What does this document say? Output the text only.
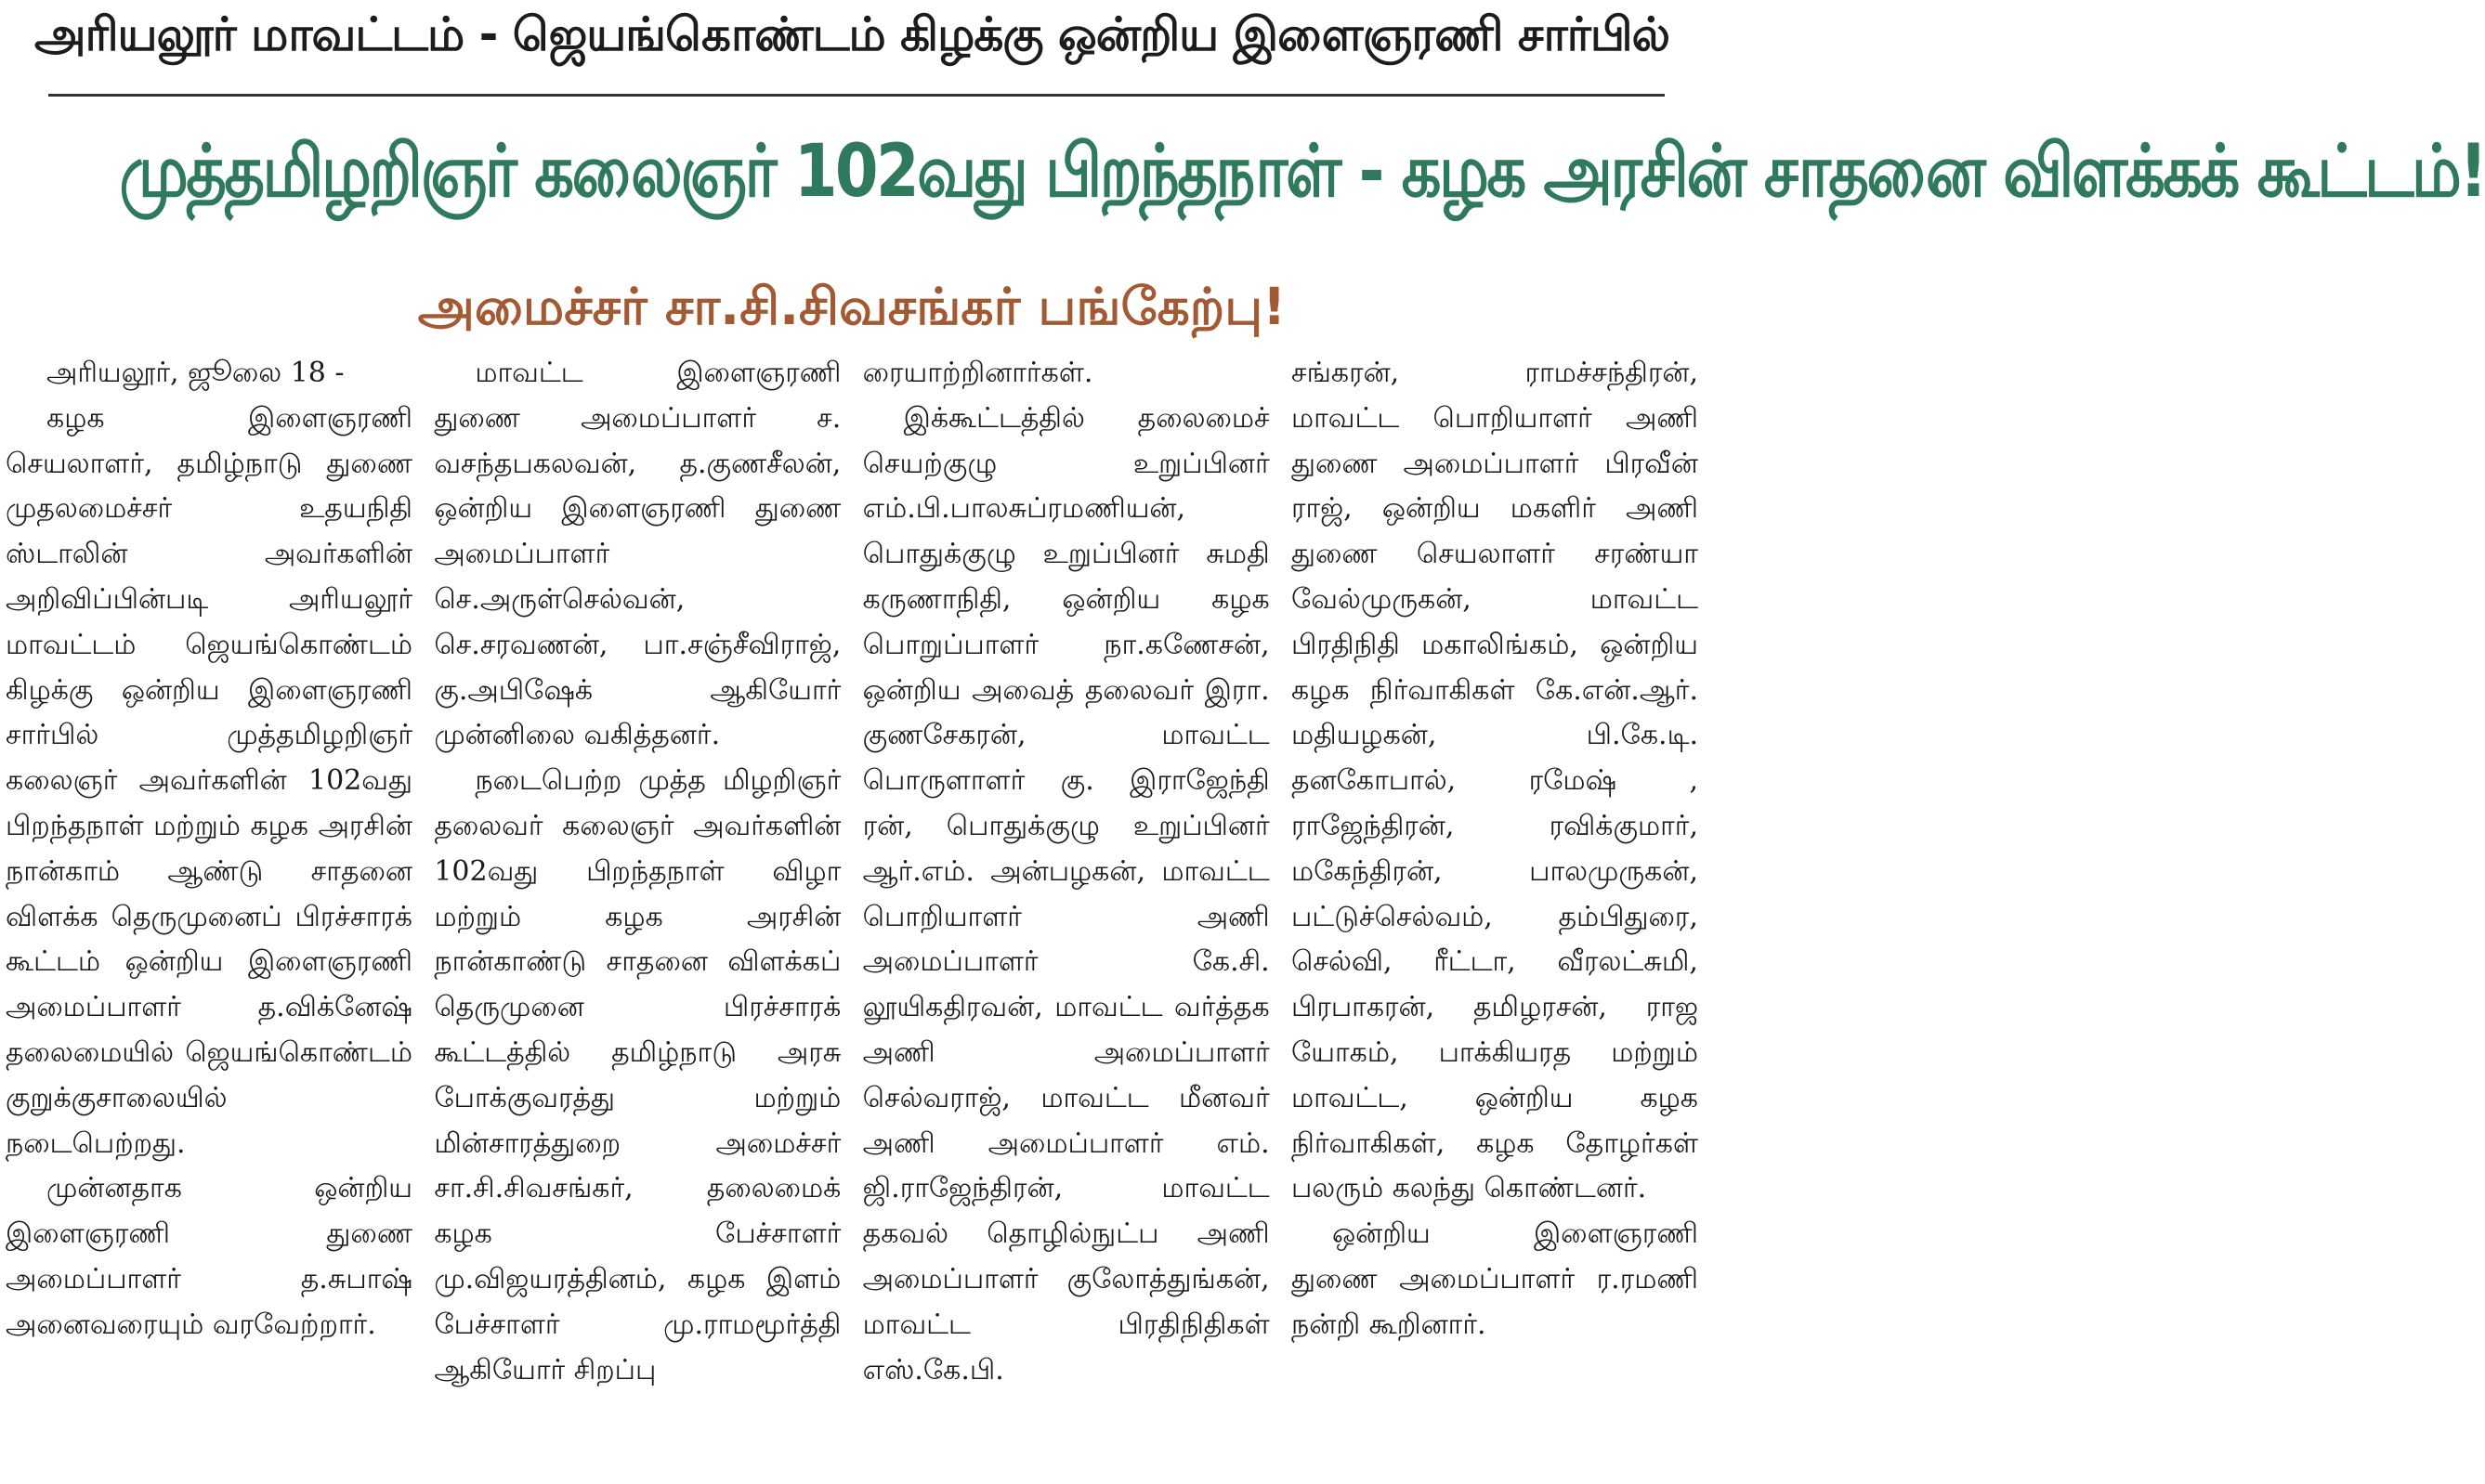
அரியலூர் மாவட்டம் - ஜெயங்கொண்டம் கிழக்கு ஒன்றிய இளைஞரணி சார்பில்
முத்தமிழறிஞர் கலைஞர் 102வது பிறந்தநாள் - கழக அரசின் சாதனை விளக்கக் கூட்டம்!
அமைச்சர் சா.சி.சிவசங்கர் பங்கேற்பு!

அரியலூர், ஜூலை 18 -

கழக இளைஞரணி செயலாளர், தமிழ்நாடு துணை முதலமைச்சர் உதயநிதி ஸ்டாலின் அவர்களின் அறிவிப்பின்படி அரியலூர் மாவட்டம் ஜெயங்கொண்டம் கிழக்கு ஒன்றிய இளைஞரணி சார்பில் முத்தமிழறிஞர் கலைஞர் அவர்களின் 102வது பிறந்தநாள் மற்றும் கழக அரசின் நான்காம் ஆண்டு சாதனை விளக்க தெருமுனைப் பிரச்சாரக் கூட்டம் ஒன்றிய இளைஞரணி அமைப்பாளர் த.விக்னேஷ் தலைமையில் ஜெயங்கொண்டம் குறுக்குசாலையில் நடைபெற்றது.

முன்னதாக ஒன்றிய இளைஞரணி துணை அமைப்பாளர் த.சுபாஷ் அனைவரையும் வரவேற்றார்.

மாவட்ட இளைஞரணி துணை அமைப்பாளர் ச. வசந்தபகலவன், த.குணசீலன், ஒன்றிய இளைஞரணி துணை அமைப்பாளர் செ.அருள்செல்வன், செ.சரவணன், பா.சஞ்சீவிராஜ், கு.அபிஷேக் ஆகியோர் முன்னிலை வகித்தனர்.

நடைபெற்ற முத்த மிழறிஞர் தலைவர் கலைஞர் அவர்களின் 102வது பிறந்தநாள் விழா மற்றும் கழக அரசின் நான்காண்டு சாதனை விளக்கப் தெருமுனை பிரச்சாரக் கூட்டத்தில் தமிழ்நாடு அரசு போக்குவரத்து மற்றும் மின்சாரத்துறை அமைச்சர் சா.சி.சிவசங்கர், தலைமைக் கழக பேச்சாளர் மு.விஜயரத்தினம், கழக இளம் பேச்சாளர் மு.ராமமூர்த்தி ஆகியோர் சிறப்பு

ரையாற்றினார்கள்.

இக்கூட்டத்தில் தலைமைச் செயற்குழு உறுப்பினர் எம்.பி.பாலசுப்ரமணியன், பொதுக்குழு உறுப்பினர் சுமதி கருணாநிதி, ஒன்றிய கழக பொறுப்பாளர் நா.கணேசன், ஒன்றிய அவைத் தலைவர் இரா. குணசேகரன், மாவட்ட பொருளாளர் கு. இராஜேந்தி ரன், பொதுக்குழு உறுப்பினர் ஆர்.எம். அன்பழகன், மாவட்ட பொறியாளர் அணி அமைப்பாளர் கே.சி. லூயிகதிரவன், மாவட்ட வர்த்தக அணி அமைப்பாளர் செல்வராஜ், மாவட்ட மீனவர் அணி அமைப்பாளர் எம். ஜி.ராஜேந்திரன், மாவட்ட தகவல் தொழில்நுட்ப அணி அமைப்பாளர் குலோத்துங்கன், மாவட்ட பிரதிநிதிகள் எஸ்.கே.பி.

சங்கரன், ராமச்சந்திரன், மாவட்ட பொறியாளர் அணி துணை அமைப்பாளர் பிரவீன் ராஜ், ஒன்றிய மகளிர் அணி துணை செயலாளர் சரண்யா வேல்முருகன், மாவட்ட பிரதிநிதி மகாலிங்கம், ஒன்றிய கழக நிர்வாகிகள் கே.என்.ஆர். மதியழகன், பி.கே.டி. தனகோபால், ரமேஷ் , ராஜேந்திரன், ரவிக்குமார், மகேந்திரன், பாலமுருகன், பட்டுச்செல்வம், தம்பிதுரை, செல்வி, ரீட்டா, வீரலட்சுமி, பிரபாகரன், தமிழரசன், ராஜ யோகம், பாக்கியரத மற்றும் மாவட்ட, ஒன்றிய கழக நிர்வாகிகள், கழக தோழர்கள் பலரும் கலந்து கொண்டனர்.

ஒன்றிய இளைஞரணி துணை அமைப்பாளர் ர.ரமணி நன்றி கூறினார்.
